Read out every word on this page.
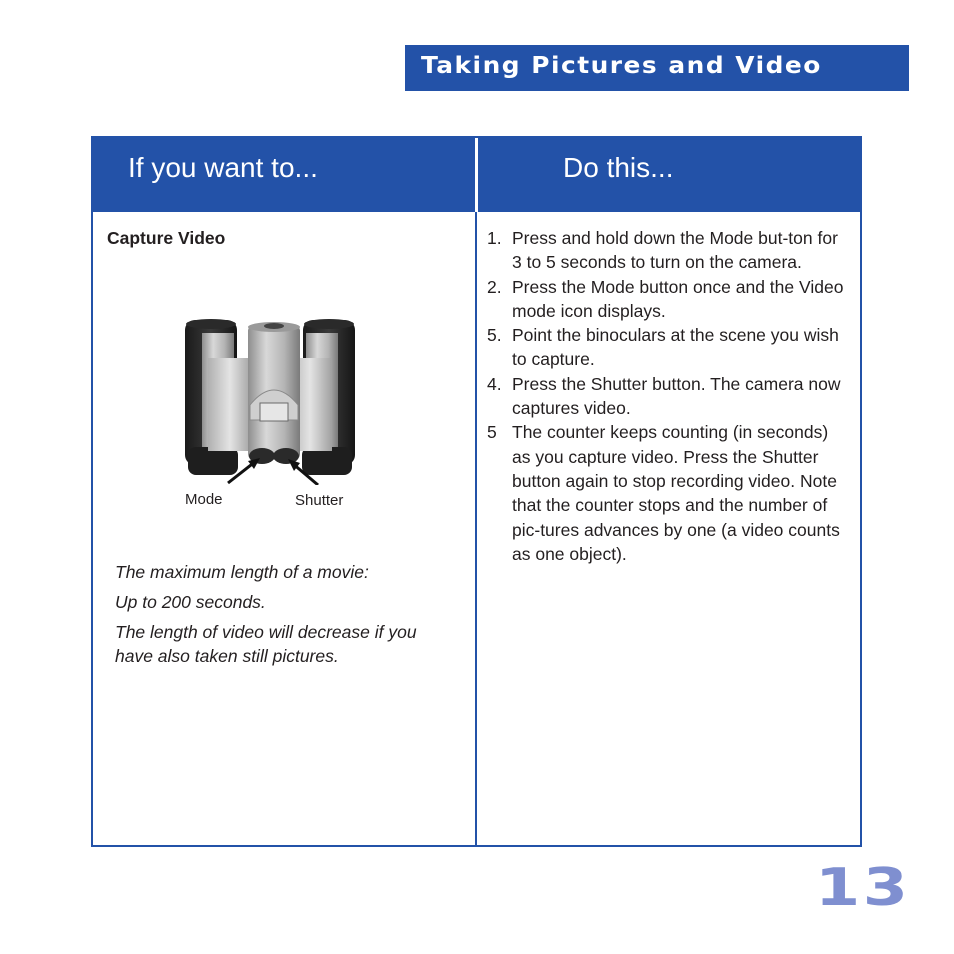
Taking Pictures and Video
If you want to...	Do this...
Capture Video
Mode	Shutter

The maximum length of a movie:

Up to 200 seconds.

The length of video will decrease if you have also taken still pictures.

1. Press and hold down the Mode but-ton for 3 to 5 seconds to turn on the camera.
2. Press the Mode button once and the Video mode icon displays.
5. Point the binoculars at the scene you wish to capture.
4. Press the Shutter button. The camera now captures video.
5 The counter keeps counting (in seconds) as you capture video. Press the Shutter button again to stop recording video. Note that the counter stops and the number of pic-tures advances by one (a video counts as one object).
13
